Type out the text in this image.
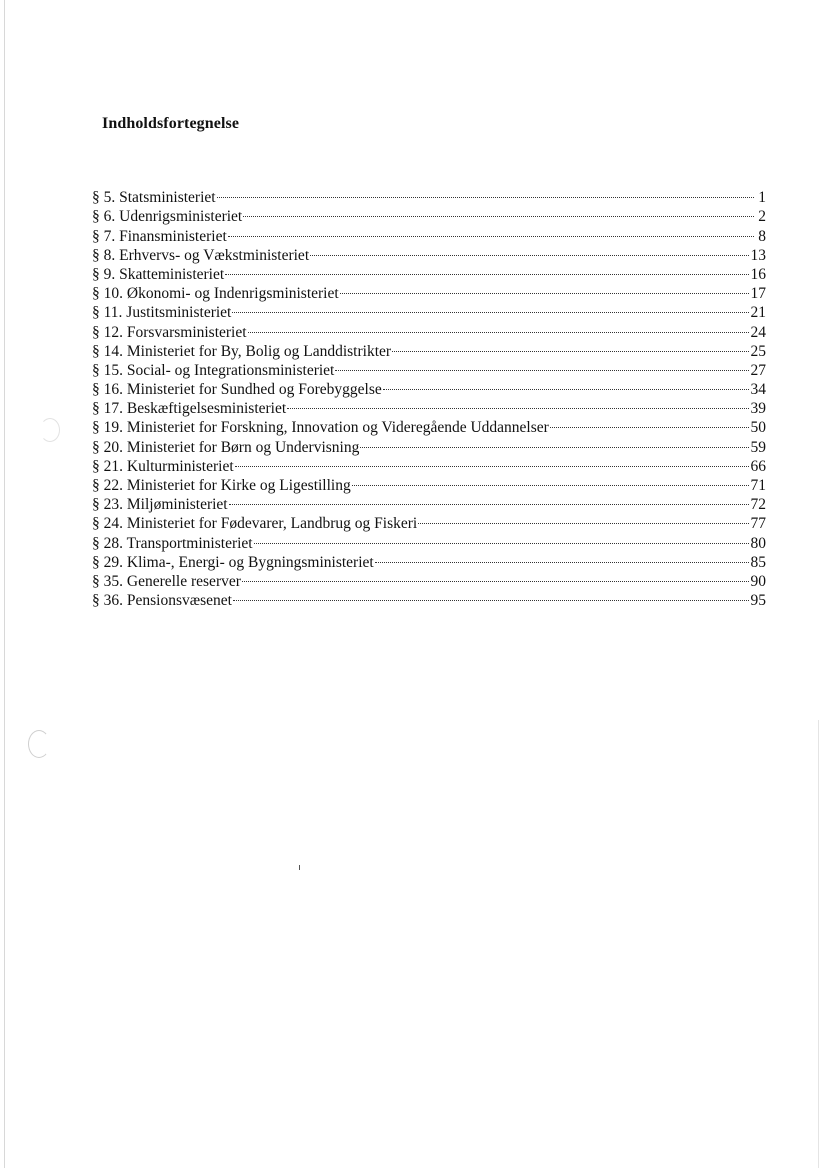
Indholdsfortegnelse
§ 5. Statsministeriet	1
§ 6. Udenrigsministeriet	2
§ 7. Finansministeriet	8
§ 8. Erhvervs- og Vækstministeriet	13
§ 9. Skatteministeriet	16
§ 10. Økonomi- og Indenrigsministeriet	17
§ 11. Justitsministeriet	21
§ 12. Forsvarsministeriet	24
§ 14. Ministeriet for By, Bolig og Landdistrikter	25
§ 15. Social- og Integrationsministeriet	27
§ 16. Ministeriet for Sundhed og Forebyggelse	34
§ 17. Beskæftigelsesministeriet	39
§ 19. Ministeriet for Forskning, Innovation og Videregående Uddannelser	50
§ 20. Ministeriet for Børn og Undervisning	59
§ 21. Kulturministeriet	66
§ 22. Ministeriet for Kirke og Ligestilling	71
§ 23. Miljøministeriet	72
§ 24. Ministeriet for Fødevarer, Landbrug og Fiskeri	77
§ 28. Transportministeriet	80
§ 29. Klima-, Energi- og Bygningsministeriet	85
§ 35. Generelle reserver	90
§ 36. Pensionsvæsenet	95
